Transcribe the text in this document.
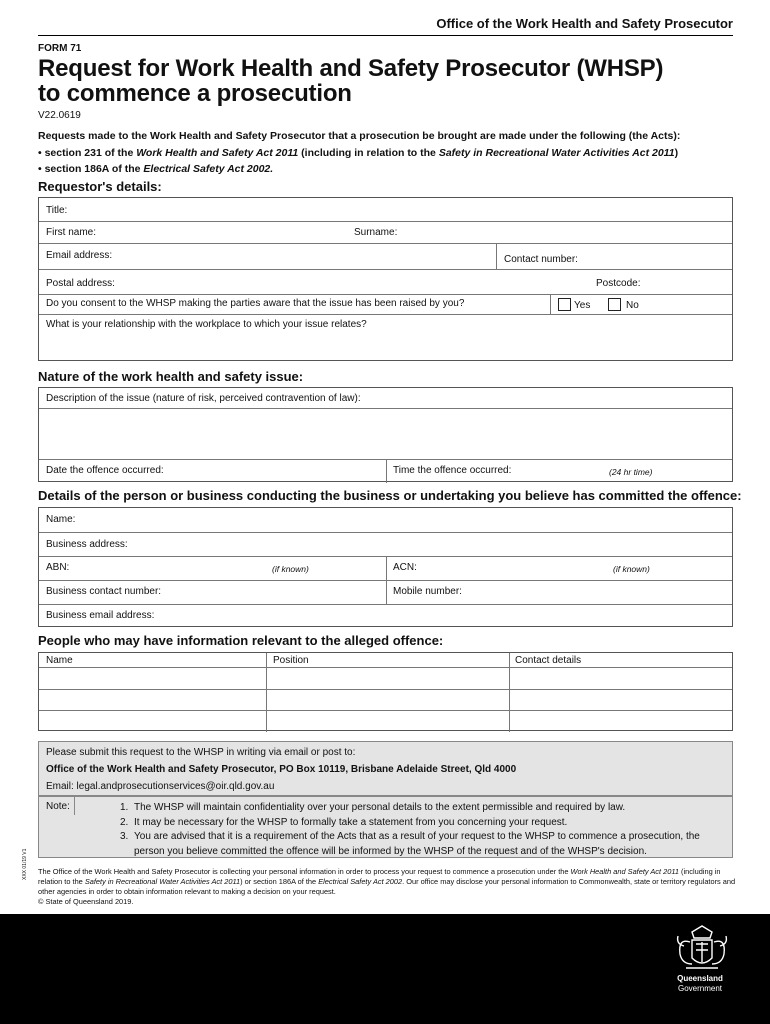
Office of the Work Health and Safety Prosecutor
FORM 71
Request for Work Health and Safety Prosecutor (WHSP)
to commence a prosecution
V22.0619
Requests made to the Work Health and Safety Prosecutor that a prosecution be brought are made under the following (the Acts):
• section 231 of the Work Health and Safety Act 2011 (including in relation to the Safety in Recreational Water Activities Act 2011)
• section 186A of the Electrical Safety Act 2002.
Requestor's details:
Title:
First name:	Surname:
Email address:	Contact number:
Postal address:	Postcode:
Do you consent to the WHSP making the parties aware that the issue has been raised by you?	Yes	No
What is your relationship with the workplace to which your issue relates?
Nature of the work health and safety issue:
Description of the issue (nature of risk, perceived contravention of law):
Date the offence occurred:	Time the offence occurred:	(24 hr time)
Details of the person or business conducting the business or undertaking you believe has committed the offence:
Name:
Business address:
ABN:	(if known)	ACN:	(if known)
Business contact number:	Mobile number:
Business email address:
People who may have information relevant to the alleged offence:
Name	Position	Contact details
Please submit this request to the WHSP in writing via email or post to:
Office of the Work Health and Safety Prosecutor, PO Box 10119, Brisbane Adelaide Street, Qld 4000
Email: legal.andprosecutionservices@oir.qld.gov.au
Note:	1. The WHSP will maintain confidentiality over your personal details to the extent permissible and required by law.
2. It may be necessary for the WHSP to formally take a statement from you concerning your request.
3. You are advised that it is a requirement of the Acts that as a result of your request to the WHSP to commence a prosecution, the person you believe committed the offence will be informed by the WHSP of the request and of the WHSP's decision.
XXX 01/19 V1 The Office of the Work Health and Safety Prosecutor is collecting your personal information in order to process your request to commence a prosecution under the Work Health and Safety Act 2011 (including in relation to the Safety in Recreational Water Activities Act 2011) or section 186A of the Electrical Safety Act 2002. Our office may disclose your personal information to Commonwealth, state or territory regulators and other agencies in order to obtain information relevant to making a decision on your request.
© State of Queensland 2019.
Queensland
Government
